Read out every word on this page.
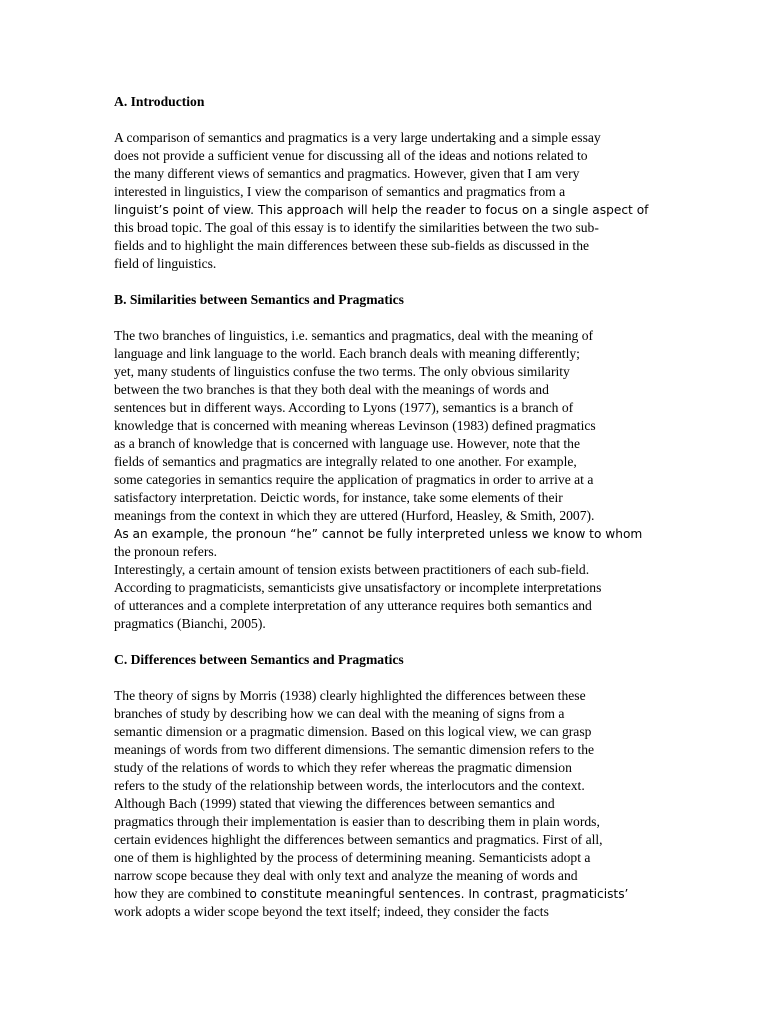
A. Introduction

A comparison of semantics and pragmatics is a very large undertaking and a simple essay
does not provide a sufficient venue for discussing all of the ideas and notions related to
the many different views of semantics and pragmatics. However, given that I am very
interested in linguistics, I view the comparison of semantics and pragmatics from a
linguist’s point of view. This approach will help the reader to focus on a single aspect of
this broad topic. The goal of this essay is to identify the similarities between the two sub-
fields and to highlight the main differences between these sub-fields as discussed in the
field of linguistics.

B. Similarities between Semantics and Pragmatics

The two branches of linguistics, i.e. semantics and pragmatics, deal with the meaning of
language and link language to the world. Each branch deals with meaning differently;
yet, many students of linguistics confuse the two terms. The only obvious similarity
between the two branches is that they both deal with the meanings of words and
sentences but in different ways. According to Lyons (1977), semantics is a branch of
knowledge that is concerned with meaning whereas Levinson (1983) defined pragmatics
as a branch of knowledge that is concerned with language use. However, note that the
fields of semantics and pragmatics are integrally related to one another. For example,
some categories in semantics require the application of pragmatics in order to arrive at a
satisfactory interpretation. Deictic words, for instance, take some elements of their
meanings from the context in which they are uttered (Hurford, Heasley, & Smith, 2007).
As an example, the pronoun “he” cannot be fully interpreted unless we know to whom
the pronoun refers.

Interestingly, a certain amount of tension exists between practitioners of each sub-field.
According to pragmaticists, semanticists give unsatisfactory or incomplete interpretations
of utterances and a complete interpretation of any utterance requires both semantics and
pragmatics (Bianchi, 2005).

C. Differences between Semantics and Pragmatics

The theory of signs by Morris (1938) clearly highlighted the differences between these
branches of study by describing how we can deal with the meaning of signs from a
semantic dimension or a pragmatic dimension. Based on this logical view, we can grasp
meanings of words from two different dimensions. The semantic dimension refers to the
study of the relations of words to which they refer whereas the pragmatic dimension
refers to the study of the relationship between words, the interlocutors and the context.
Although Bach (1999) stated that viewing the differences between semantics and
pragmatics through their implementation is easier than to describing them in plain words,
certain evidences highlight the differences between semantics and pragmatics. First of all,
one of them is highlighted by the process of determining meaning. Semanticists adopt a
narrow scope because they deal with only text and analyze the meaning of words and
how they are combined to constitute meaningful sentences. In contrast, pragmaticists’
work adopts a wider scope beyond the text itself; indeed, they consider the facts
